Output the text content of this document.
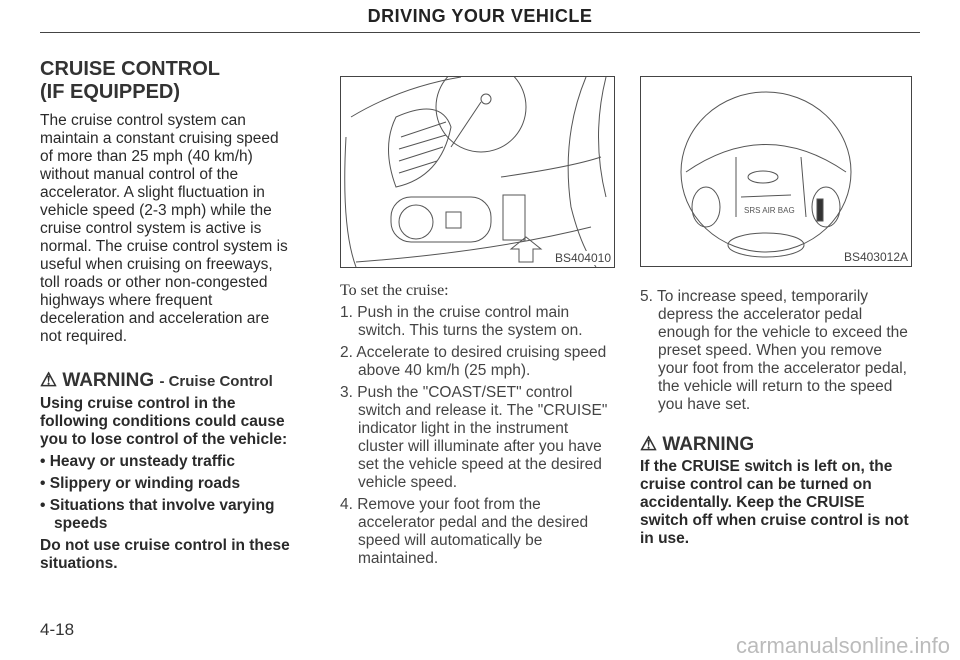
DRIVING YOUR VEHICLE
CRUISE CONTROL
(IF EQUIPPED)

The cruise control system can maintain a constant cruising speed of more than 25 mph (40 km/h) without manual control of the accelerator. A slight fluctuation in vehicle speed (2-3 mph) while the cruise control system is active is normal. The cruise control system is useful when cruising on freeways, toll roads or other non-congested highways where frequent deceleration and acceleration are not required.

⚠ WARNING - Cruise Control

Using cruise control in the following conditions could cause you to lose control of the vehicle:

• Heavy or unsteady traffic
• Slippery or winding roads
• Situations that involve varying speeds

Do not use cruise control in these situations.

BS404010
To set the cruise:
1. Push in the cruise control main switch. This turns the system on.
2. Accelerate to desired cruising speed above 40 km/h (25 mph).
3. Push the "COAST/SET" control switch and release it. The "CRUISE" indicator light in the instrument cluster will illuminate after you have set the vehicle speed at the desired vehicle speed.
4. Remove your foot from the accelerator pedal and the desired speed will automatically be maintained.
SRS AIR BAG
BS403012A
5. To increase speed, temporarily depress the accelerator pedal enough for the vehicle to exceed the preset speed. When you remove your foot from the accelerator pedal, the vehicle will return to the speed you have set.
⚠ WARNING

If the CRUISE switch is left on, the cruise control can be turned on accidentally. Keep the CRUISE switch off when cruise control is not in use.

4-18
carmanualsonline.info
